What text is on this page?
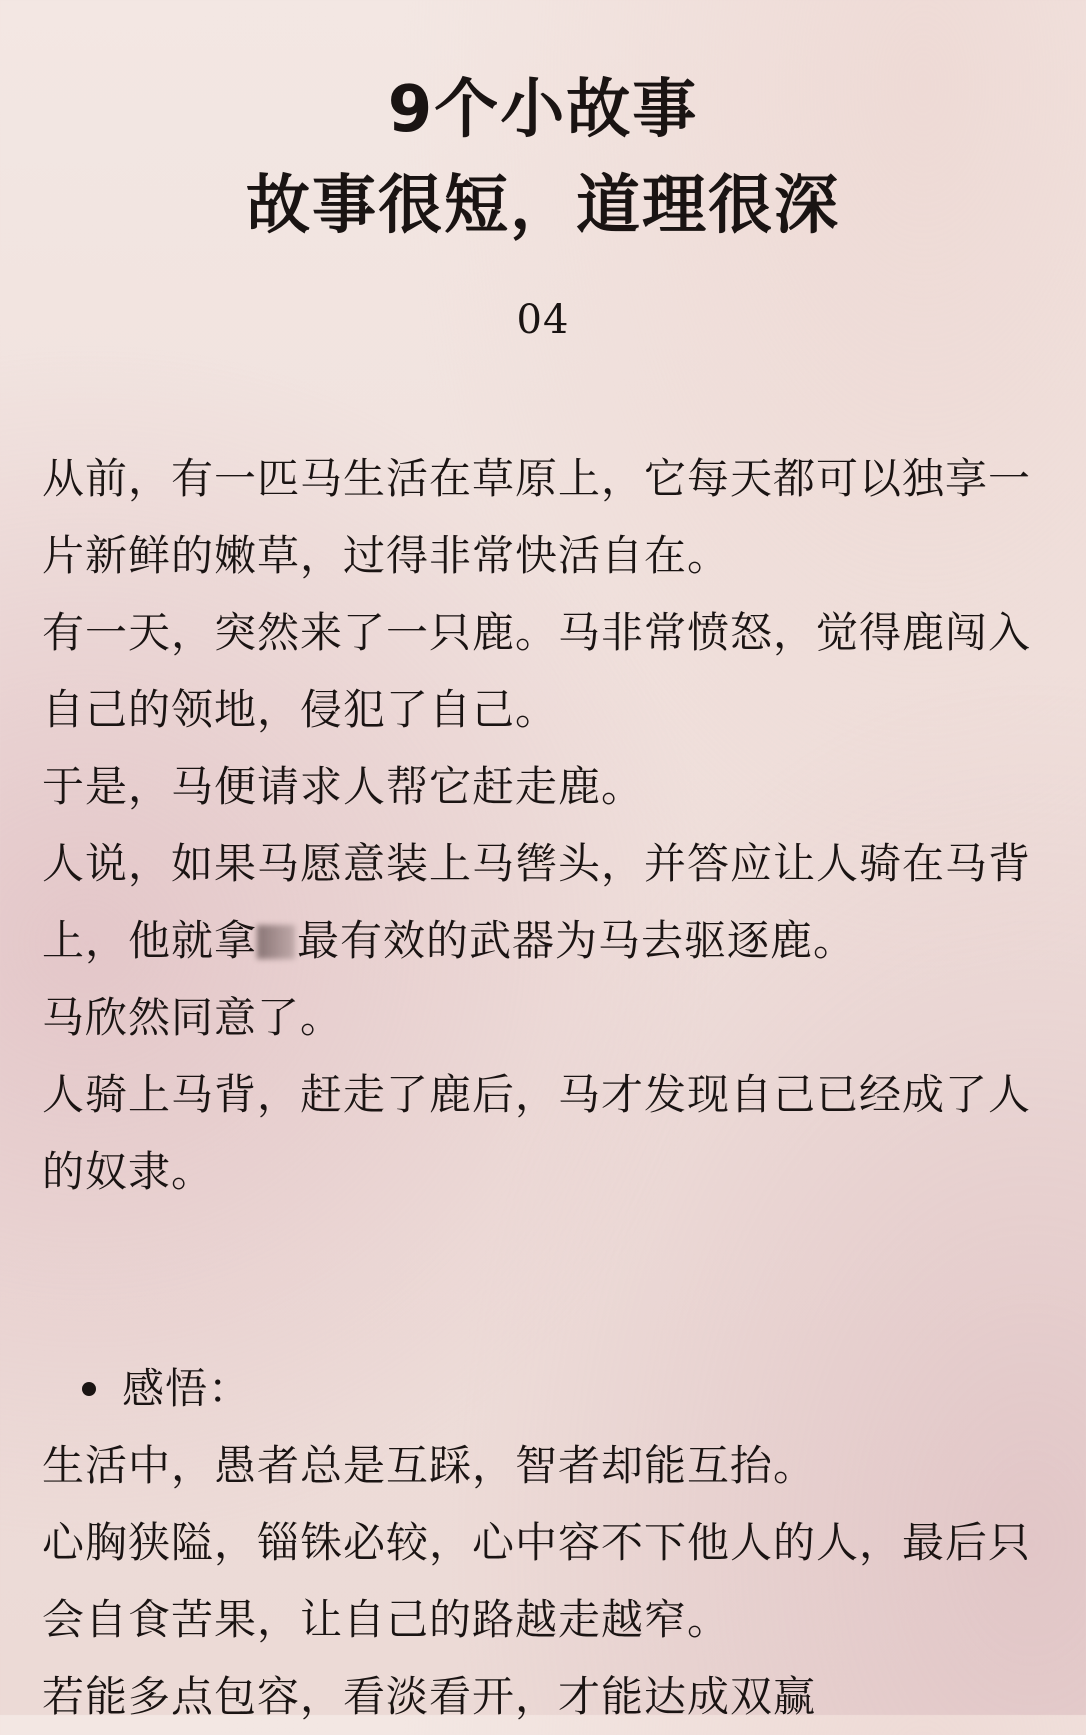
9个小故事
故事很短，道理很深
04

从前，有一匹马生活在草原上，它每天都可以独享一片新鲜的嫩草，过得非常快活自在。

有一天，突然来了一只鹿。马非常愤怒，觉得鹿闯入自己的领地，侵犯了自己。

于是，马便请求人帮它赶走鹿。

人说，如果马愿意装上马辔头，并答应让人骑在马背上，他就拿 最有效的武器为马去驱逐鹿。

马欣然同意了。

人骑上马背，赶走了鹿后，马才发现自己已经成了人的奴隶。

感悟：

生活中，愚者总是互踩，智者却能互抬。

心胸狭隘，锱铢必较，心中容不下他人的人，最后只会自食苦果，让自己的路越走越窄。

若能多点包容，看淡看开，才能达成双赢
